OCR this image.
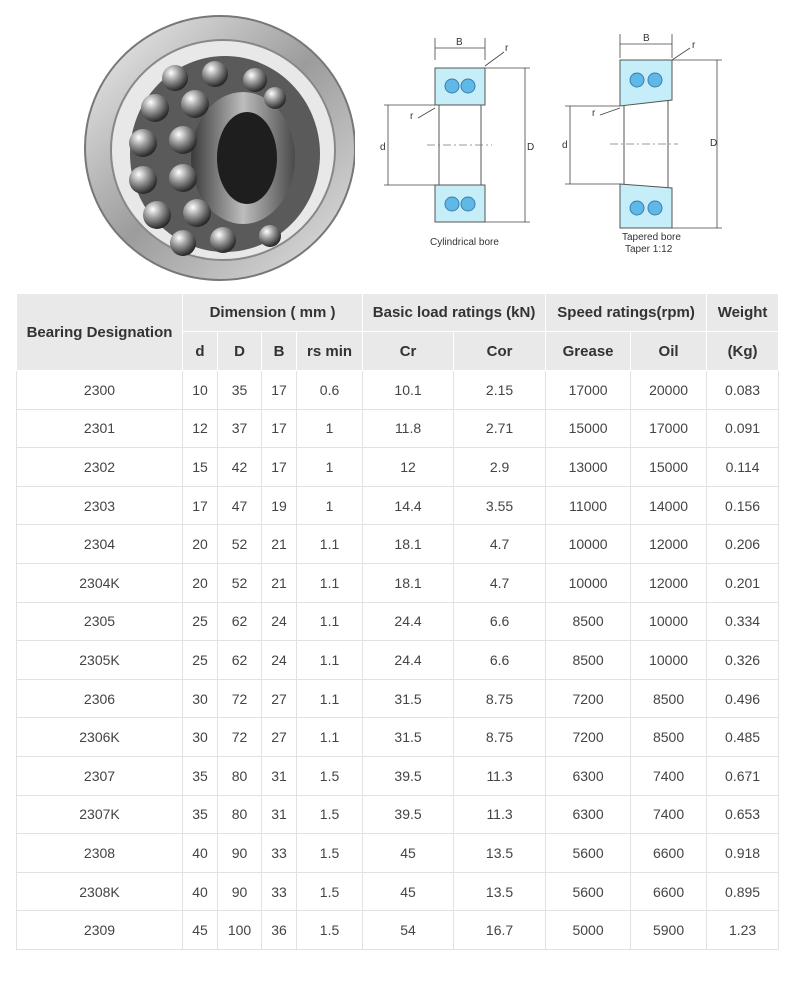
B
r
d
r
D
Cylindrical bore
B
r
d
r
D
Tapered bore
Taper 1:12
Bearing Designation	Dimension ( mm )				Basic load ratings (kN)		Speed ratings(rpm)		Weight
	d	D	B	rs min	Cr	Cor	Grease	Oil	(Kg)
2300	10	35	17	0.6	10.1	2.15	17000	20000	0.083
2301	12	37	17	1	11.8	2.71	15000	17000	0.091
2302	15	42	17	1	12	2.9	13000	15000	0.114
2303	17	47	19	1	14.4	3.55	11000	14000	0.156
2304	20	52	21	1.1	18.1	4.7	10000	12000	0.206
2304K	20	52	21	1.1	18.1	4.7	10000	12000	0.201
2305	25	62	24	1.1	24.4	6.6	8500	10000	0.334
2305K	25	62	24	1.1	24.4	6.6	8500	10000	0.326
2306	30	72	27	1.1	31.5	8.75	7200	8500	0.496
2306K	30	72	27	1.1	31.5	8.75	7200	8500	0.485
2307	35	80	31	1.5	39.5	11.3	6300	7400	0.671
2307K	35	80	31	1.5	39.5	11.3	6300	7400	0.653
2308	40	90	33	1.5	45	13.5	5600	6600	0.918
2308K	40	90	33	1.5	45	13.5	5600	6600	0.895
2309	45	100	36	1.5	54	16.7	5000	5900	1.23
